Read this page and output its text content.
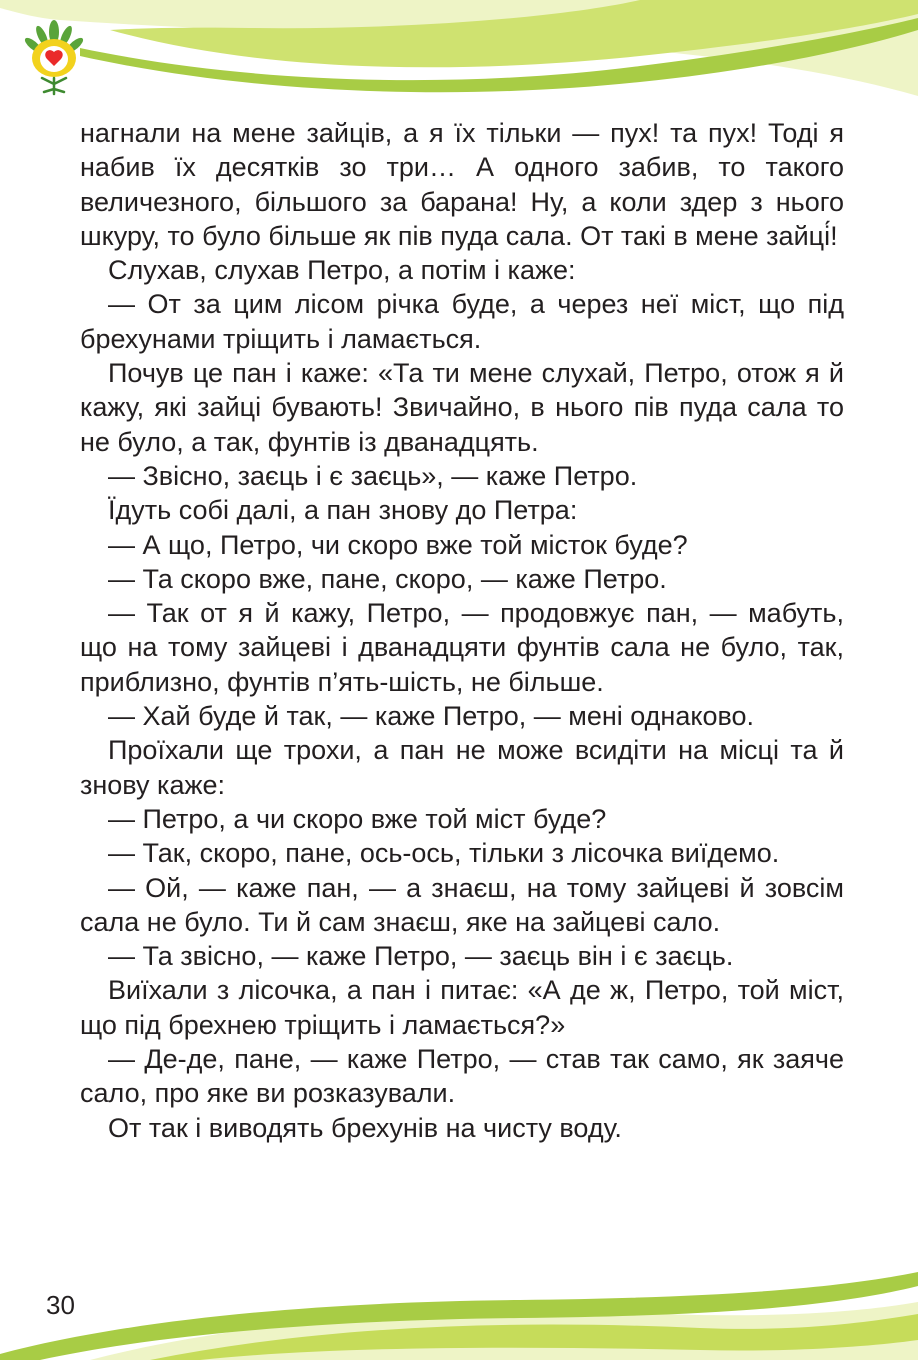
нагнали на мене зайців, а я їх тільки — пух! та пух! Тоді я набив їх десятків зо три… А одного забив, то такого величезного, більшого за барана! Ну, а коли здер з нього шкуру, то було більше як пів пуда сала. От такі в мене зайці́!

Слухав, слухав Петро, а потім і каже:

— От за цим лісом річка буде, а через неї міст, що під брехунами тріщить і ламається.

Почув це пан і каже: «Та ти мене слухай, Петро, отож я й кажу, які зайці бувають! Звичайно, в нього пів пуда сала то не було, а так, фунтів із дванадцять.

— Звісно, заєць і є заєць», — каже Петро.

Їдуть собі далі, а пан знову до Петра:

— А що, Петро, чи скоро вже той місток буде?

— Та скоро вже, пане, скоро, — каже Петро.

— Так от я й кажу, Петро, — продовжує пан, — мабуть, що на тому зайцеві і дванадцяти фунтів сала не було, так, приблизно, фунтів п’ять-шість, не більше.

— Хай буде й так, — каже Петро, — мені однаково.

Проїхали ще трохи, а пан не може всидіти на місці та й знову каже:

— Петро, а чи скоро вже той міст буде?

— Так, скоро, пане, ось-ось, тільки з лісочка виїдемо.

— Ой, — каже пан, — а знаєш, на тому зайцеві й зовсім сала не було. Ти й сам знаєш, яке на зайцеві сало.

— Та звісно, — каже Петро, — заєць він і є заєць.

Виїхали з лісочка, а пан і питає: «А де ж, Петро, той міст, що під брехнею тріщить і ламається?»

— Де-де, пане, — каже Петро, — став так само, як заяче сало, про яке ви розказували.

От так і виводять брехунів на чисту воду.

30
